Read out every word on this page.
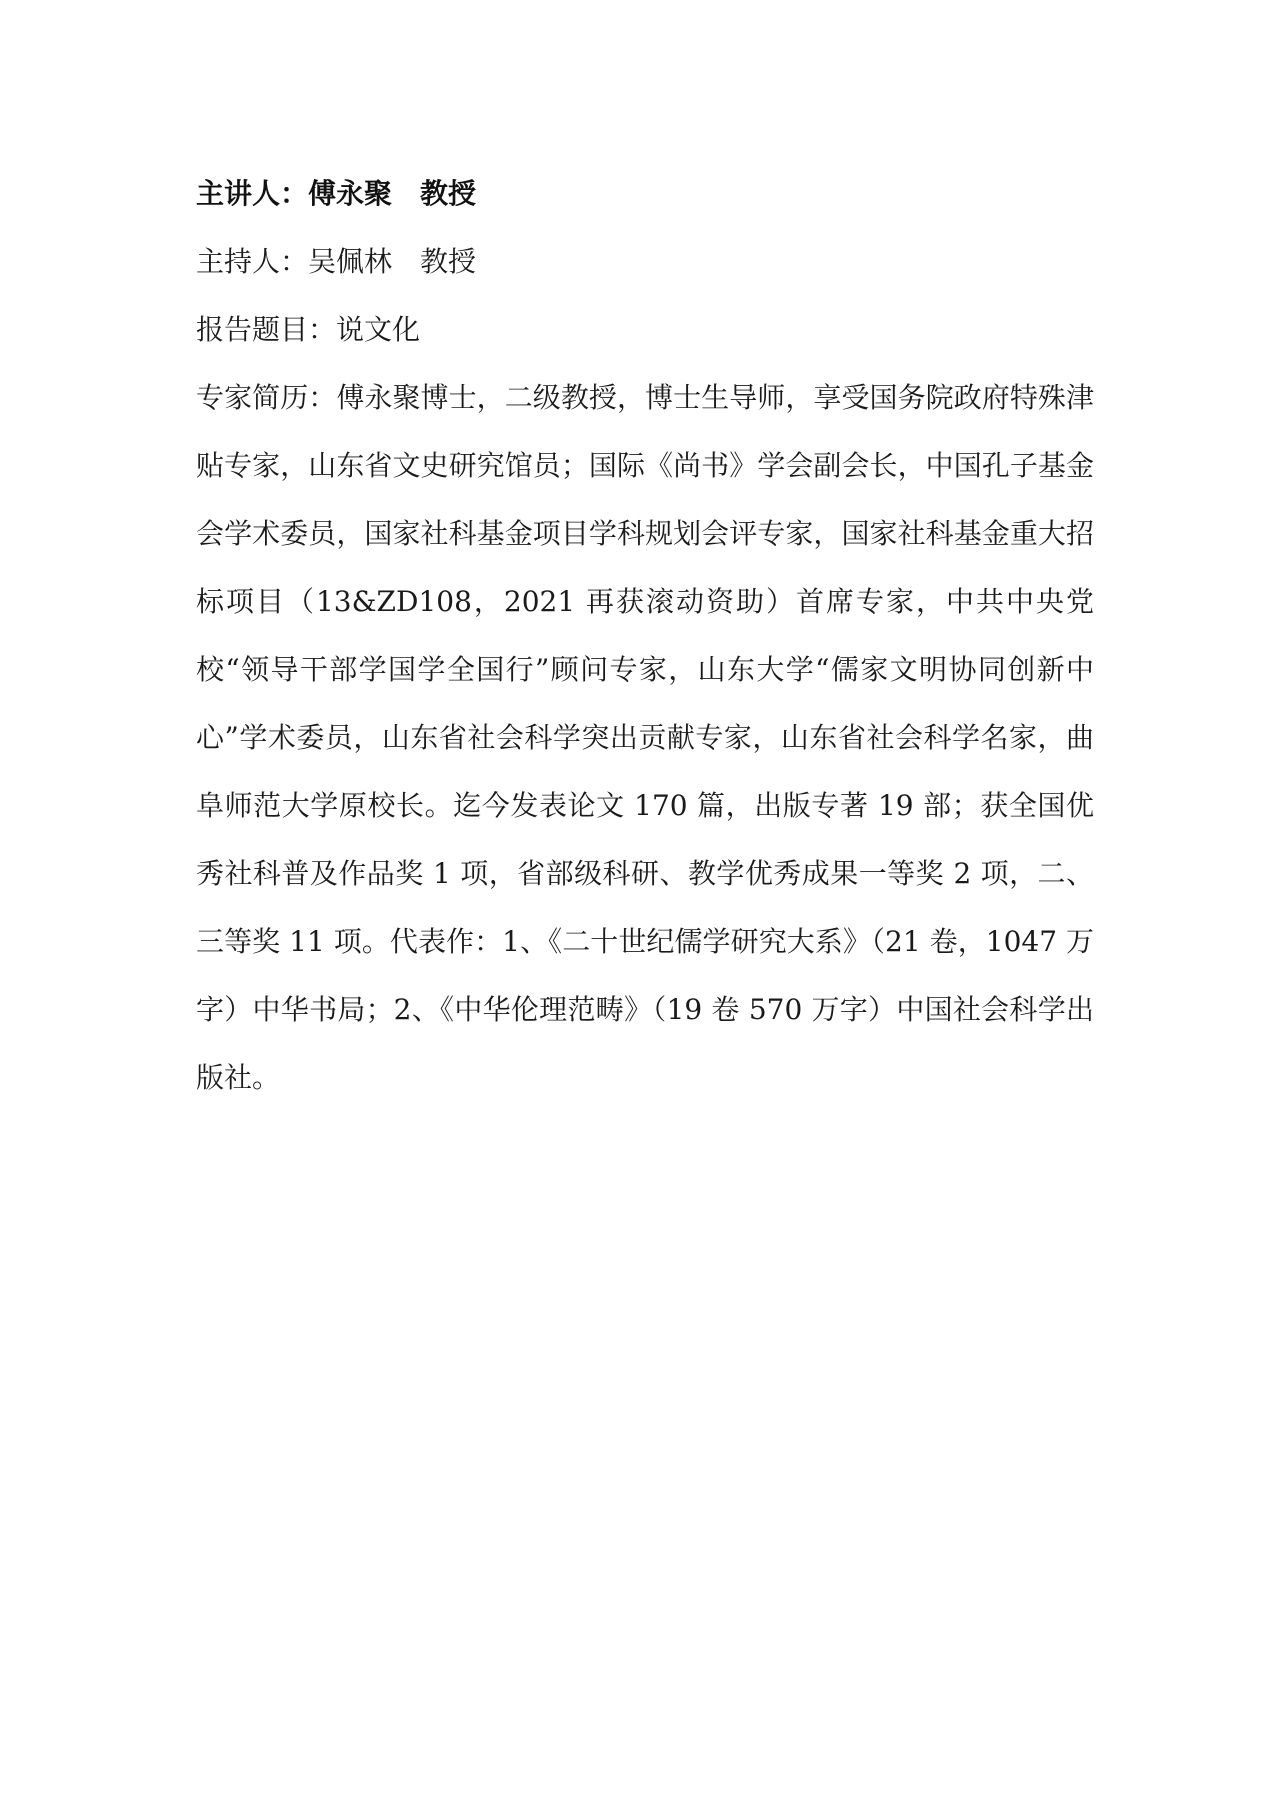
主讲人：傅永聚　教授

主持人：吴佩林　教授

报告题目：说文化

专家简历：傅永聚博士，二级教授，博士生导师，享受国务院政府特殊津贴专家，山东省文史研究馆员；国际《尚书》学会副会长，中国孔子基金会学术委员，国家社科基金项目学科规划会评专家，国家社科基金重大招标项目（13&ZD108，2021 再获滚动资助）首席专家，中共中央党校“领导干部学国学全国行”顾问专家，山东大学“儒家文明协同创新中心”学术委员，山东省社会科学突出贡献专家，山东省社会科学名家，曲阜师范大学原校长。迄今发表论文 170 篇，出版专著 19 部；获全国优秀社科普及作品奖 1 项，省部级科研、教学优秀成果一等奖 2 项，二、三等奖 11 项。代表作：1、《二十世纪儒学研究大系》（21 卷，1047 万字）中华书局；2、《中华伦理范畴》（19 卷 570 万字）中国社会科学出版社。
